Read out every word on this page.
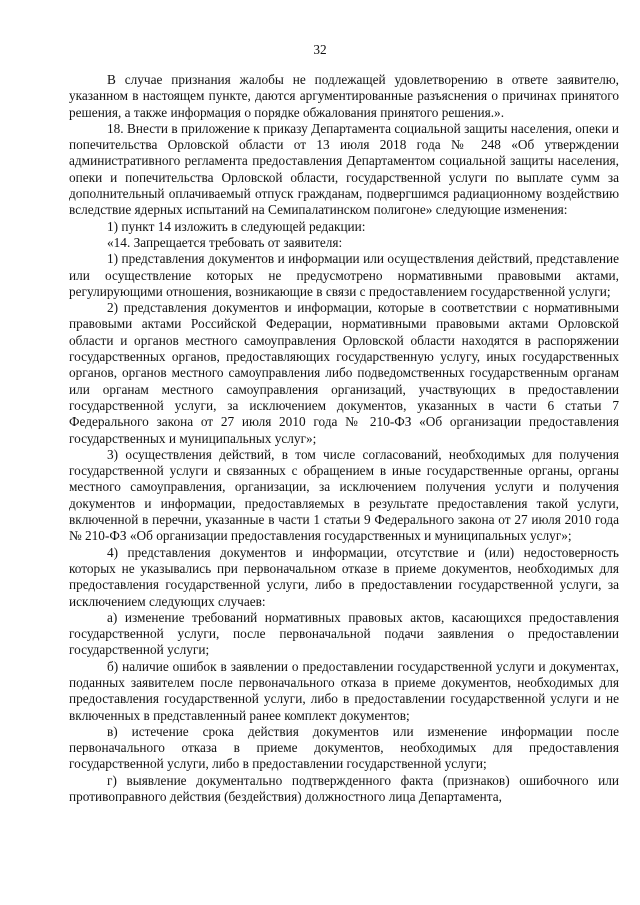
32

В случае признания жалобы не подлежащей удовлетворению в ответе заявителю, указанном в настоящем пункте, даются аргументированные разъяснения о причинах принятого решения, а также информация о порядке обжалования принятого решения.».

18. Внести в приложение к приказу Департамента социальной защиты населения, опеки и попечительства Орловской области от 13 июля 2018 года № 248 «Об утверждении административного регламента предоставления Департаментом социальной защиты населения, опеки и попечительства Орловской области, государственной услуги по выплате сумм за дополнительный оплачиваемый отпуск гражданам, подвергшимся радиационному воздействию вследствие ядерных испытаний на Семипалатинском полигоне» следующие изменения:

1) пункт 14 изложить в следующей редакции:

«14. Запрещается требовать от заявителя:

1) представления документов и информации или осуществления действий, представление или осуществление которых не предусмотрено нормативными правовыми актами, регулирующими отношения, возникающие в связи с предоставлением государственной услуги;

2) представления документов и информации, которые в соответствии с нормативными правовыми актами Российской Федерации, нормативными правовыми актами Орловской области и органов местного самоуправления Орловской области находятся в распоряжении государственных органов, предоставляющих государственную услугу, иных государственных органов, органов местного самоуправления либо подведомственных государственным органам или органам местного самоуправления организаций, участвующих в предоставлении государственной услуги, за исключением документов, указанных в части 6 статьи 7 Федерального закона от 27 июля 2010 года № 210-ФЗ «Об организации предоставления государственных и муниципальных услуг»;

3) осуществления действий, в том числе согласований, необходимых для получения государственной услуги и связанных с обращением в иные государственные органы, органы местного самоуправления, организации, за исключением получения услуги и получения документов и информации, предоставляемых в результате предоставления такой услуги, включенной в перечни, указанные в части 1 статьи 9 Федерального закона от 27 июля 2010 года № 210-ФЗ «Об организации предоставления государственных и муниципальных услуг»;

4) представления документов и информации, отсутствие и (или) недостоверность которых не указывались при первоначальном отказе в приеме документов, необходимых для предоставления государственной услуги, либо в предоставлении государственной услуги, за исключением следующих случаев:

а) изменение требований нормативных правовых актов, касающихся предоставления государственной услуги, после первоначальной подачи заявления о предоставлении государственной услуги;

б) наличие ошибок в заявлении о предоставлении государственной услуги и документах, поданных заявителем после первоначального отказа в приеме документов, необходимых для предоставления государственной услуги, либо в предоставлении государственной услуги и не включенных в представленный ранее комплект документов;

в) истечение срока действия документов или изменение информации после первоначального отказа в приеме документов, необходимых для предоставления государственной услуги, либо в предоставлении государственной услуги;

г) выявление документально подтвержденного факта (признаков) ошибочного или противоправного действия (бездействия) должностного лица Департамента,
